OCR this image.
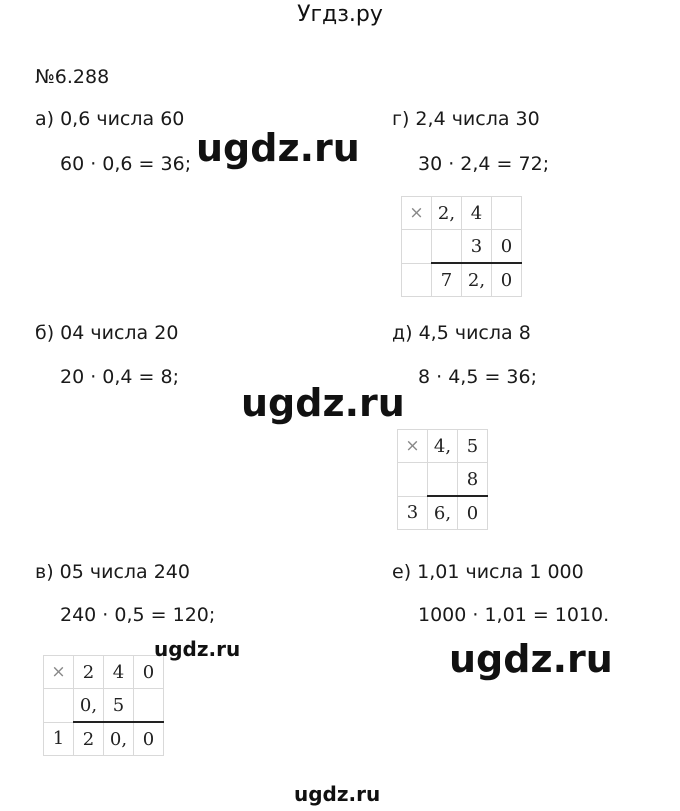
Угдз.ру
№6.288
а) 0,6 числа 60
60 · 0,6 = 36;
б) 04 числа 20
20 · 0,4 = 8;
в) 05 числа 240
240 · 0,5 = 120;
г) 2,4 числа 30
30 · 2,4 = 72;
д) 4,5 числа 8
8 · 4,5 = 36;
е) 1,01 числа 1 000
1000 · 1,01 = 1010.
×	2,	4	
		3	0
	7	2,	0
×	4,	5
		8
3	6,	0
×	2	4	0
	0,	5	
1	2	0,	0
ugdz.ru
ugdz.ru
ugdz.ru	ugdz.ru
ugdz.ru
